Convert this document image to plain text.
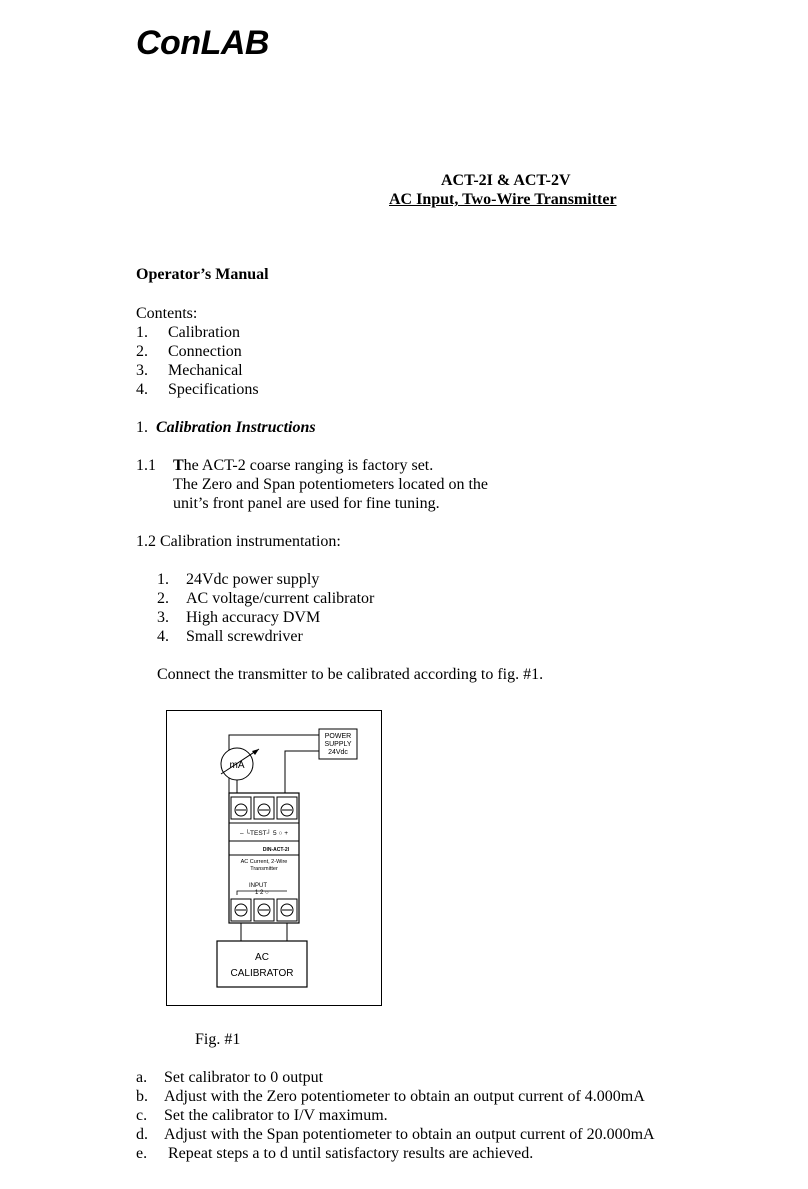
ConLAB
ACT-2I & ACT-2V
AC Input, Two-Wire Transmitter
Operator’s Manual
Contents:
1. Calibration
2. Connection
3. Mechanical
4. Specifications
1. Calibration Instructions
1.1 The ACT-2 coarse ranging is factory set.
The Zero and Span potentiometers located on the
unit’s front panel are used for fine tuning.
1.2 Calibration instrumentation:
1. 24Vdc power supply
2. AC voltage/current calibrator
3. High accuracy DVM
4. Small screwdriver
Connect the transmitter to be calibrated according to fig. #1.
POWER
SUPPLY
24Vdc
mA
– └TEST┘ 5 ○ +
DIN-ACT-2I
AC Current, 2-Wire
Transmitter
INPUT
1 2 ○
AC
CALIBRATOR
Fig. #1
a. Set calibrator to 0 output
b. Adjust with the Zero potentiometer to obtain an output current of 4.000mA
c. Set the calibrator to I/V maximum.
d. Adjust with the Span potentiometer to obtain an output current of 20.000mA
e. Repeat steps a to d until satisfactory results are achieved.
